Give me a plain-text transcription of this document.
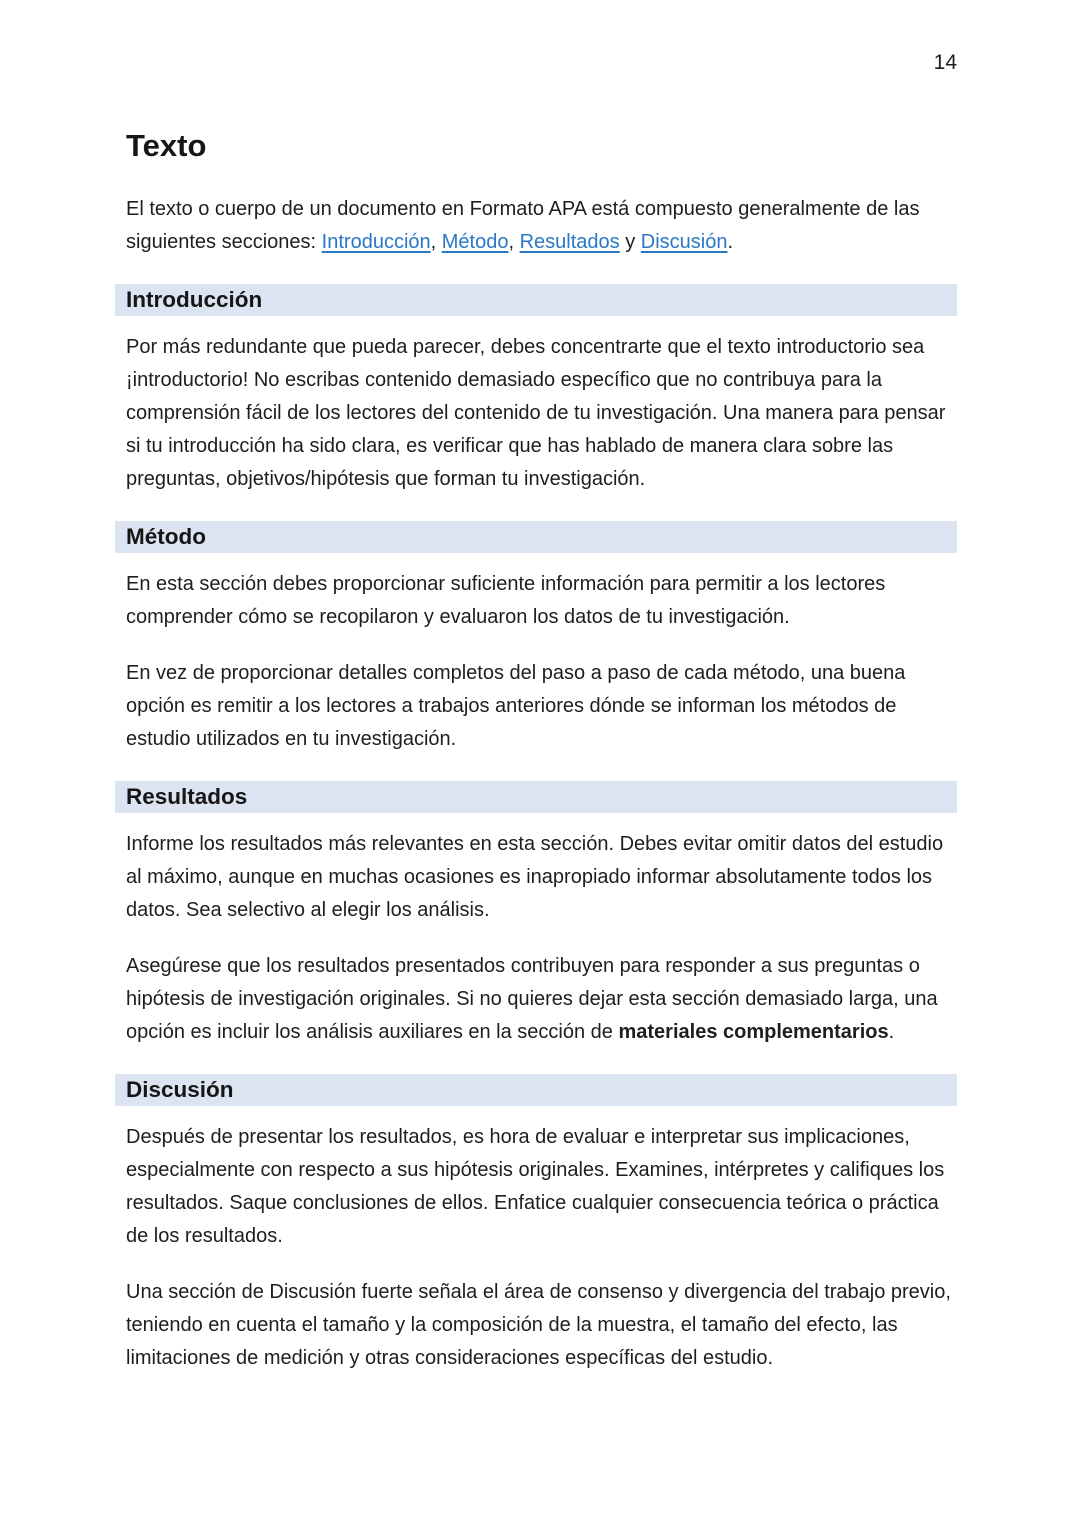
14
Texto

El texto o cuerpo de un documento en Formato APA está compuesto generalmente de las siguientes secciones: Introducción, Método, Resultados y Discusión.

Introducción

Por más redundante que pueda parecer, debes concentrarte que el texto introductorio sea ¡introductorio! No escribas contenido demasiado específico que no contribuya para la comprensión fácil de los lectores del contenido de tu investigación. Una manera para pensar si tu introducción ha sido clara, es verificar que has hablado de manera clara sobre las preguntas, objetivos/hipótesis que forman tu investigación.

Método

En esta sección debes proporcionar suficiente información para permitir a los lectores comprender cómo se recopilaron y evaluaron los datos de tu investigación.

En vez de proporcionar detalles completos del paso a paso de cada método, una buena opción es remitir a los lectores a trabajos anteriores dónde se informan los métodos de estudio utilizados en tu investigación.

Resultados

Informe los resultados más relevantes en esta sección. Debes evitar omitir datos del estudio al máximo, aunque en muchas ocasiones es inapropiado informar absolutamente todos los datos. Sea selectivo al elegir los análisis.

Asegúrese que los resultados presentados contribuyen para responder a sus preguntas o hipótesis de investigación originales. Si no quieres dejar esta sección demasiado larga, una opción es incluir los análisis auxiliares en la sección de materiales complementarios.

Discusión

Después de presentar los resultados, es hora de evaluar e interpretar sus implicaciones, especialmente con respecto a sus hipótesis originales. Examines, intérpretes y califiques los resultados. Saque conclusiones de ellos. Enfatice cualquier consecuencia teórica o práctica de los resultados.

Una sección de Discusión fuerte señala el área de consenso y divergencia del trabajo previo, teniendo en cuenta el tamaño y la composición de la muestra, el tamaño del efecto, las limitaciones de medición y otras consideraciones específicas del estudio.
